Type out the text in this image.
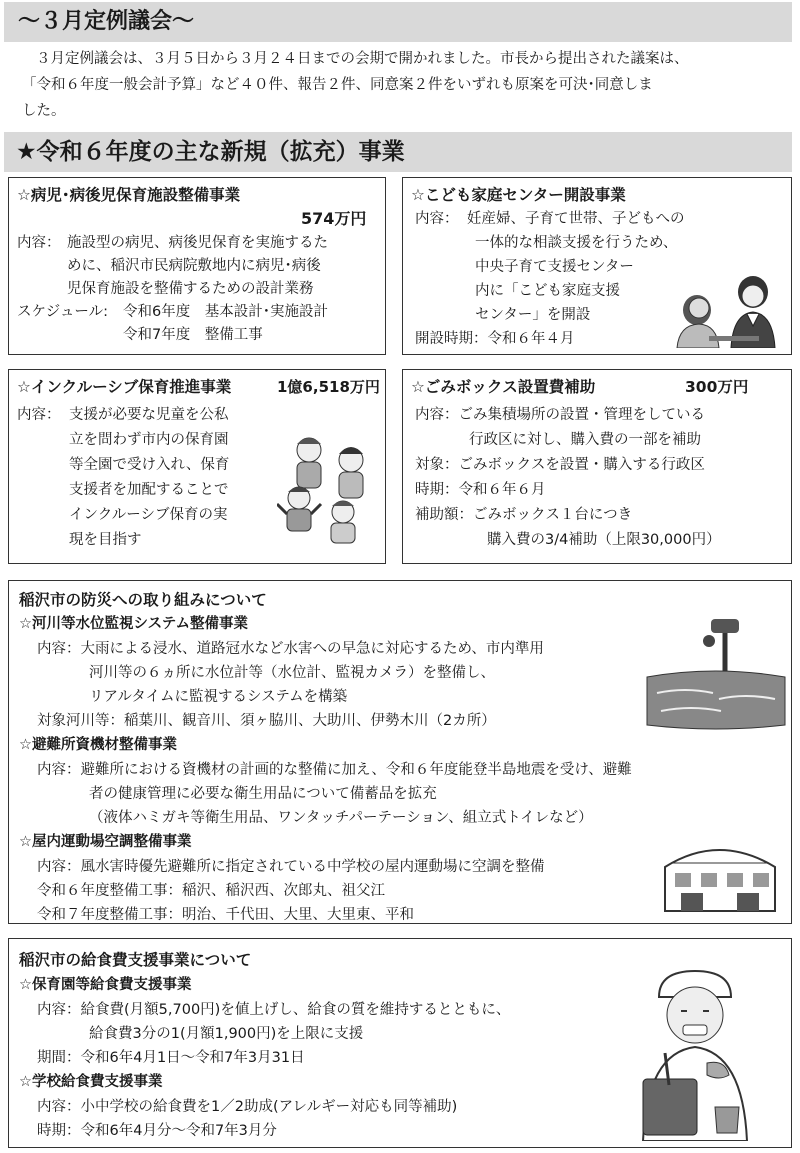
～３月定例議会～
３月定例議会は、３月５日から３月２４日までの会期で開かれました。市長から提出された議案は、
「令和６年度一般会計予算」など４０件、報告２件、同意案２件をいずれも原案を可決･同意しま
した。
★令和６年度の主な新規（拡充）事業
☆病児･病後児保育施設整備事業
574万円
内容： 施設型の病児、病後児保育を実施するた
めに、稲沢市民病院敷地内に病児･病後
児保育施設を整備するための設計業務
スケジュール: 令和6年度　基本設計･実施設計
令和7年度　整備工事
☆こども家庭センター開設事業
内容： 妊産婦、子育て世帯、子どもへの
一体的な相談支援を行うため、
中央子育て支援センター
内に「こども家庭支援
センター」を開設
開設時期：令和６年４月
☆インクルーシブ保育推進事業	1億6,518万円
内容： 支援が必要な児童を公私
立を問わず市内の保育園
等全園で受け入れ、保育
支援者を加配することで
インクルーシブ保育の実
現を目指す
☆ごみボックス設置費補助	300万円
内容：ごみ集積場所の設置・管理をしている
行政区に対し、購入費の一部を補助
対象：ごみボックスを設置・購入する行政区
時期：令和６年６月
補助額：ごみボックス１台につき
購入費の3/4補助（上限30,000円）
稲沢市の防災への取り組みについて
☆河川等水位監視システム整備事業
内容：大雨による浸水、道路冠水など水害への早急に対応するため、市内準用
河川等の６ヵ所に水位計等（水位計、監視カメラ）を整備し、
リアルタイムに監視するシステムを構築
対象河川等：稲葉川、観音川、須ヶ脇川、大助川、伊勢木川（2カ所）
☆避難所資機材整備事業
内容：避難所における資機材の計画的な整備に加え、令和６年度能登半島地震を受け、避難
者の健康管理に必要な衛生用品について備蓄品を拡充
（液体ハミガキ等衛生用品、ワンタッチパーテーション、組立式トイレなど）
☆屋内運動場空調整備事業
内容：風水害時優先避難所に指定されている中学校の屋内運動場に空調を整備
令和６年度整備工事：稲沢、稲沢西、次郎丸、祖父江
令和７年度整備工事：明治、千代田、大里、大里東、平和
稲沢市の給食費支援事業について
☆保育園等給食費支援事業
内容：給食費(月額5,700円)を値上げし、給食の質を維持するとともに、
給食費3分の1(月額1,900円)を上限に支援
期間：令和6年4月1日～令和7年3月31日
☆学校給食費支援事業
内容：小中学校の給食費を1／2助成(アレルギー対応も同等補助)
時期：令和6年4月分～令和7年3月分
